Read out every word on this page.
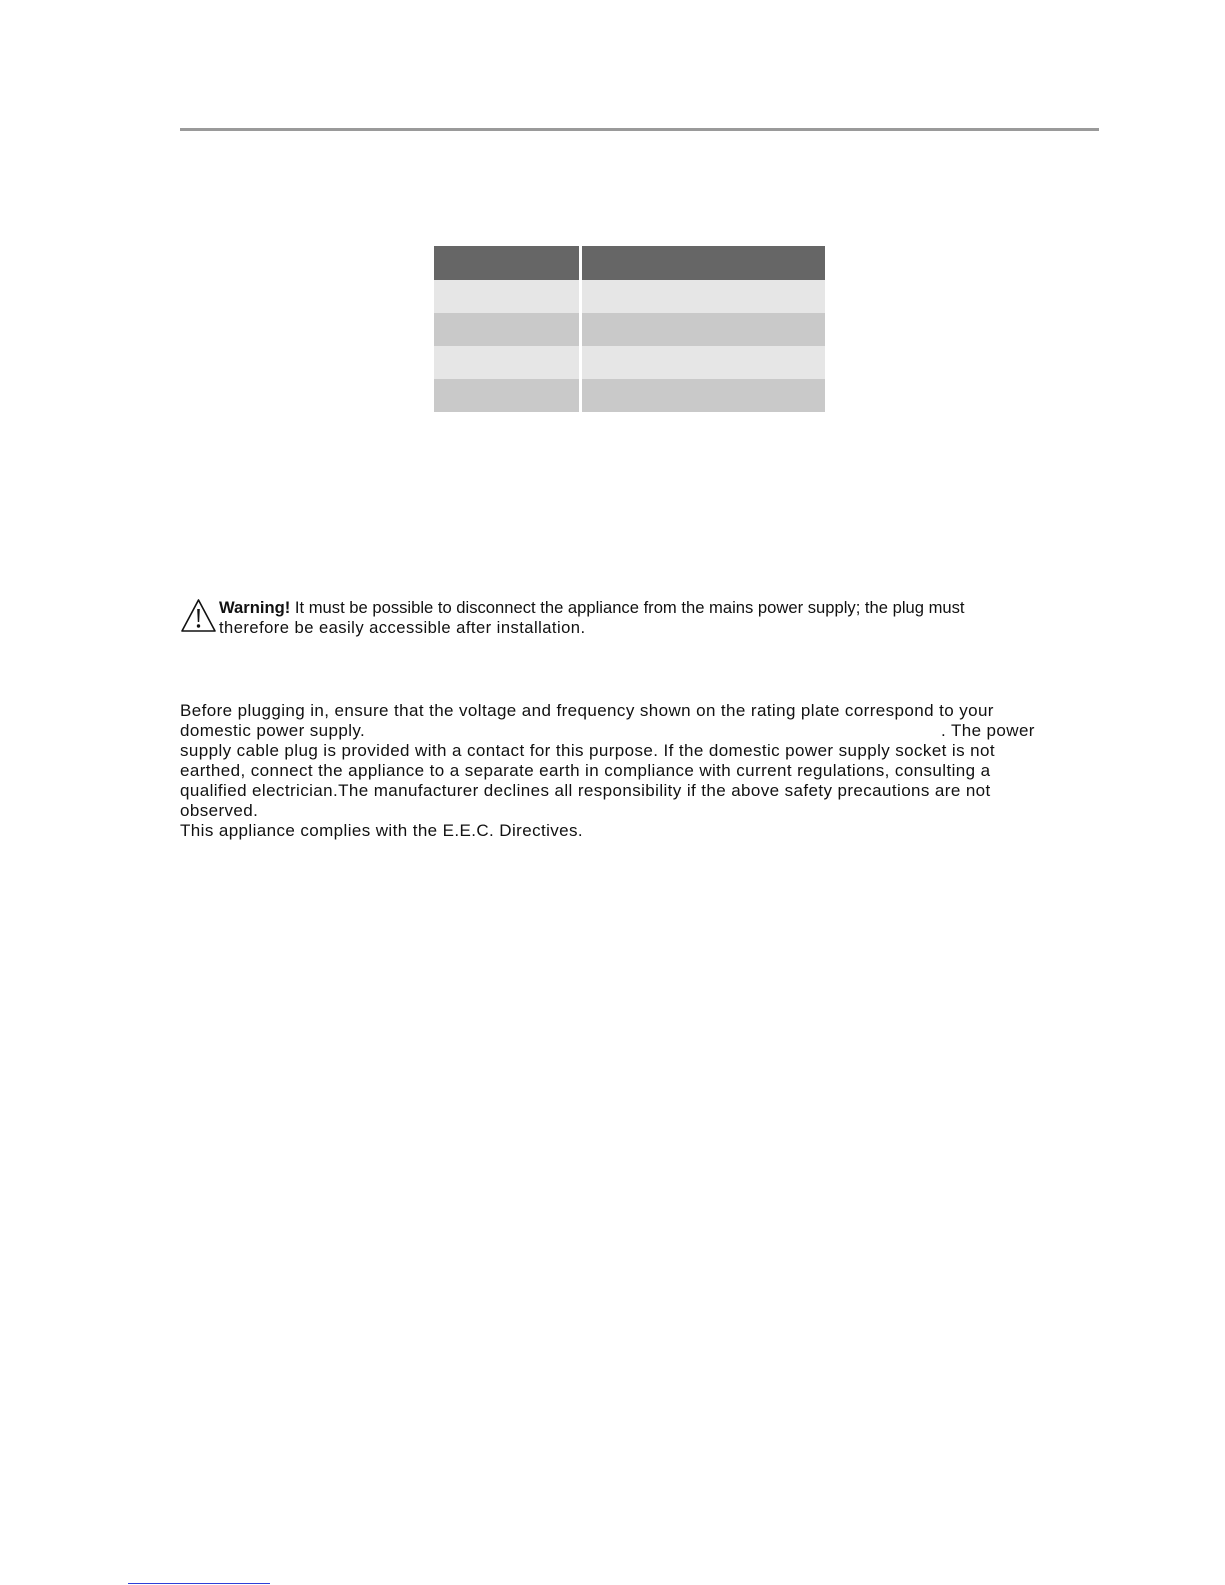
Warning! It must be possible to disconnect the appliance from the mains power supply; the plug must
therefore be easily accessible after installation.

Before plugging in, ensure that the voltage and frequency shown on the rating plate correspond to your

domestic power supply.	. The power

supply cable plug is provided with a contact for this purpose. If the domestic power supply socket is not

earthed, connect the appliance to a separate earth in compliance with current regulations, consulting a

qualified electrician.The manufacturer declines all responsibility if the above safety precautions are not

observed.

This appliance complies with the E.E.C. Directives.
